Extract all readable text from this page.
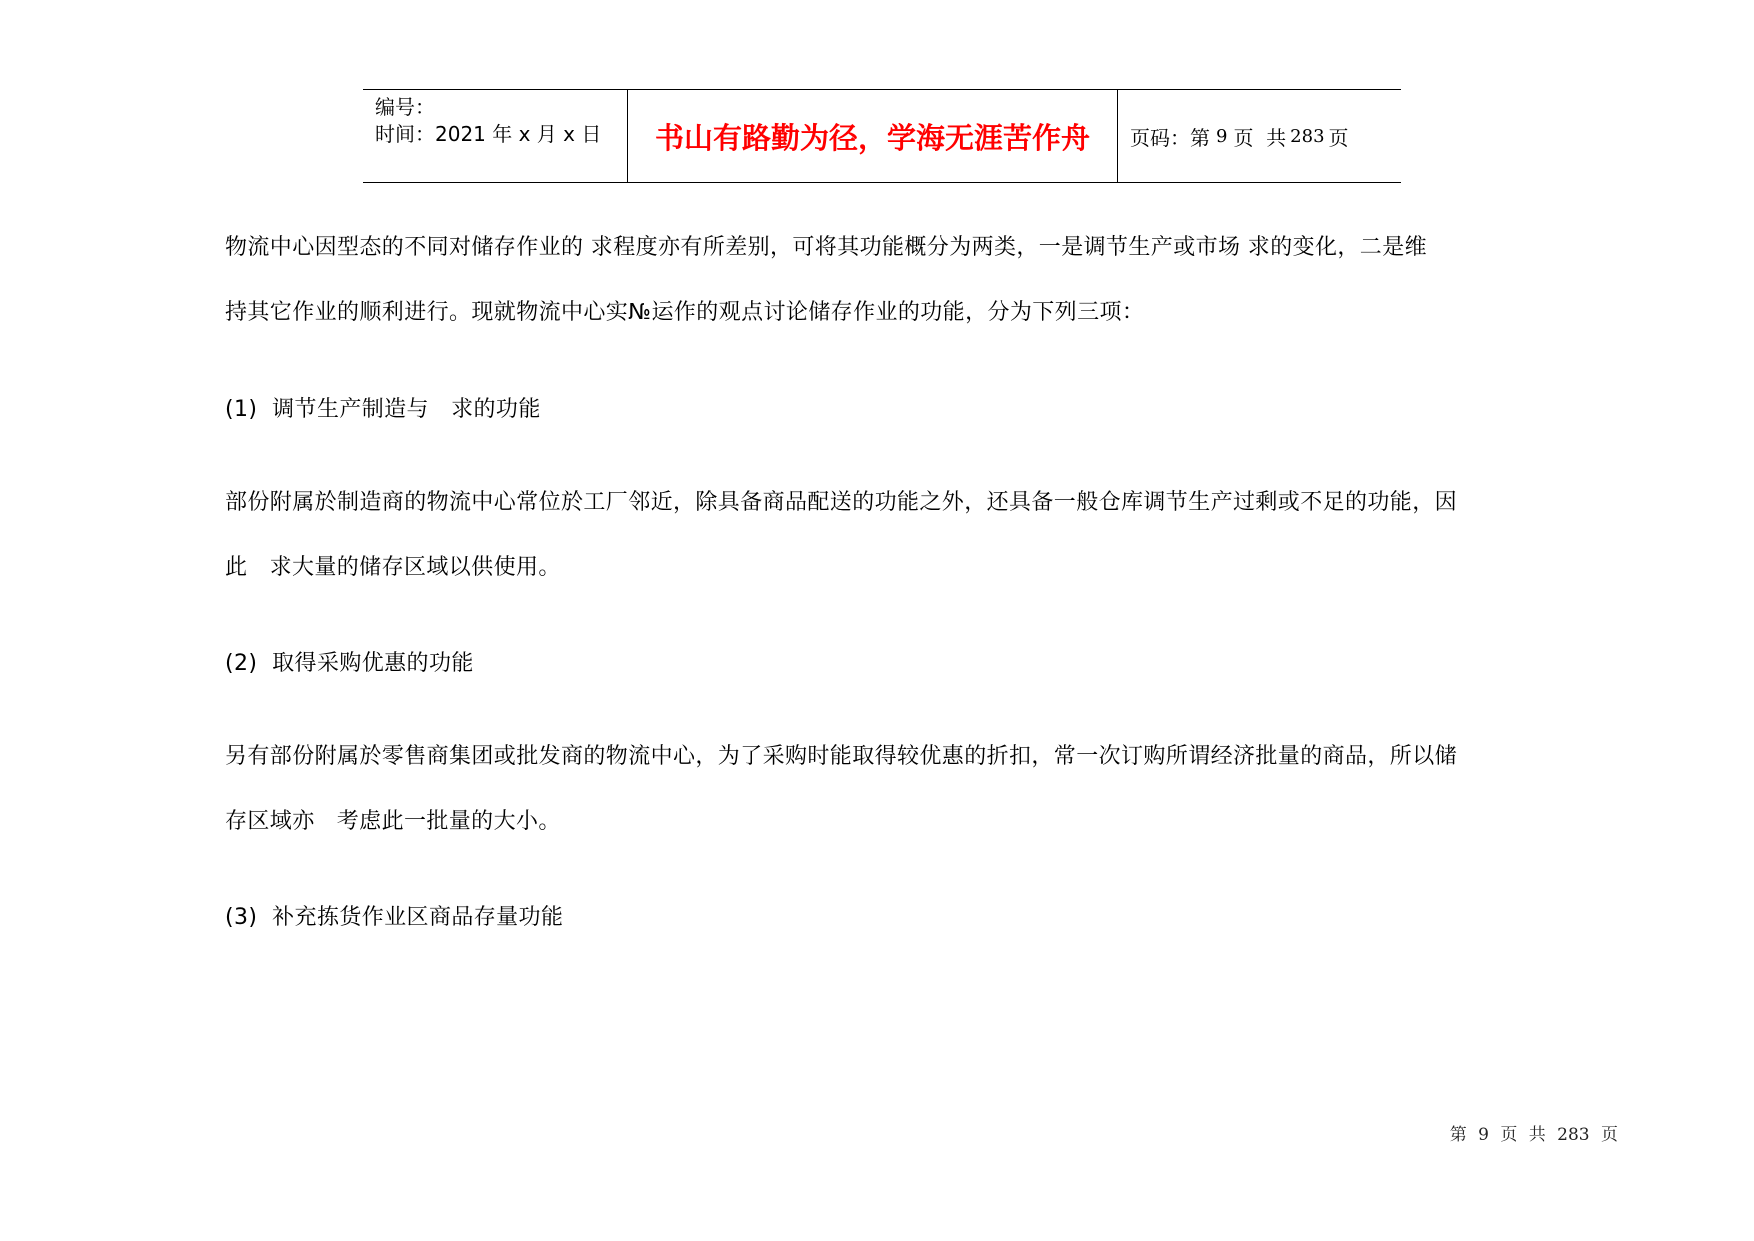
编号：
时间：2021 年 x 月 x 日	书山有路勤为径，学海无涯苦作舟 页码：第 9 页  共 283 页
物流中心因型态的不同对储存作业的 求程度亦有所差别，可将其功能概分为两类，一是调节生产或市场 求的变化，二是维
持其它作业的顺利进行。现就物流中心实№运作的观点讨论储存作业的功能，分为下列三项：
(1)  调节生产制造与   求的功能
部份附属於制造商的物流中心常位於工厂邻近，除具备商品配送的功能之外，还具备一般仓库调节生产过剩或不足的功能，因
此   求大量的储存区域以供使用。
(2)  取得采购优惠的功能
另有部份附属於零售商集团或批发商的物流中心，为了采购时能取得较优惠的折扣，常一次订购所谓经济批量的商品，所以储
存区域亦   考虑此一批量的大小。
(3)  补充拣货作业区商品存量功能
第 9 页 共 283 页
